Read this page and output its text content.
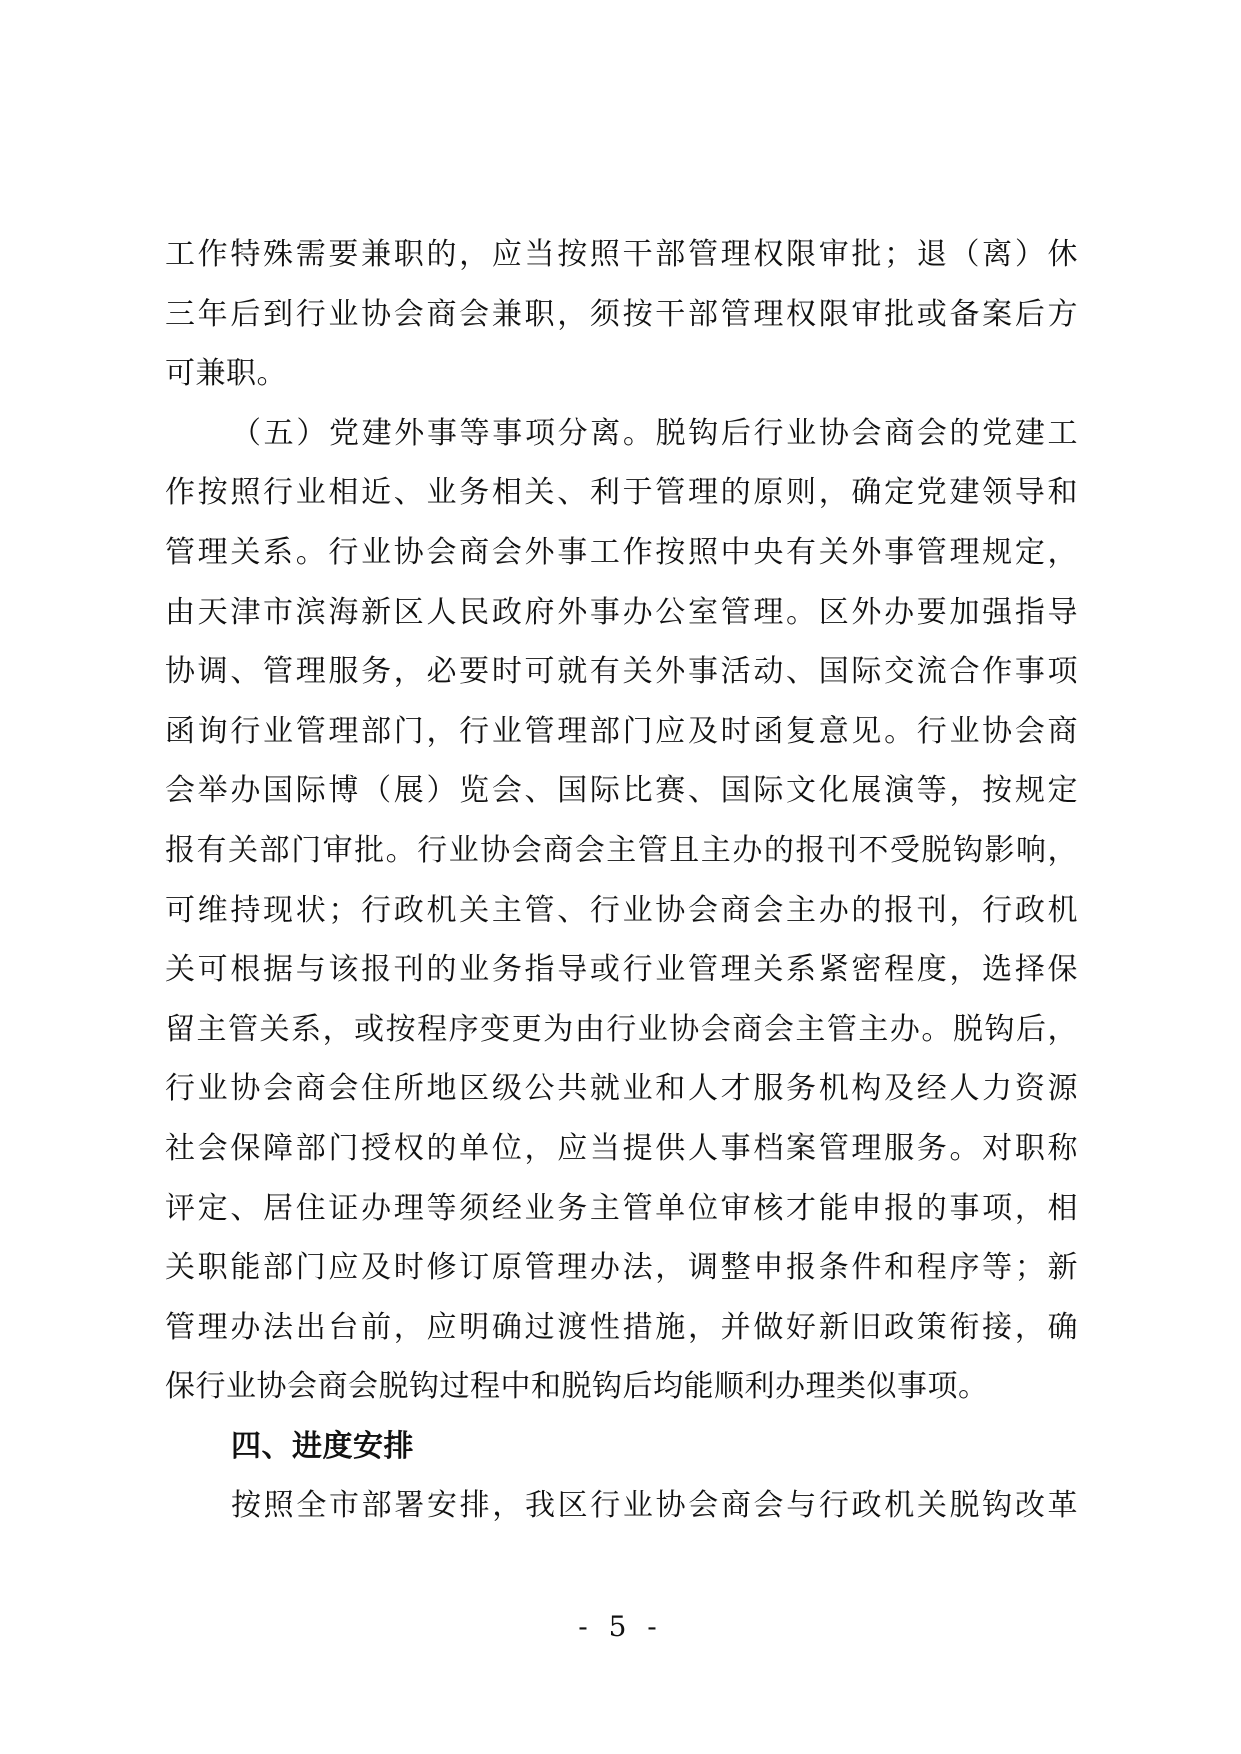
工作特殊需要兼职的，应当按照干部管理权限审批；退（离）休
三年后到行业协会商会兼职，须按干部管理权限审批或备案后方
可兼职。
（五）党建外事等事项分离。脱钩后行业协会商会的党建工
作按照行业相近、业务相关、利于管理的原则，确定党建领导和
管理关系。行业协会商会外事工作按照中央有关外事管理规定，
由天津市滨海新区人民政府外事办公室管理。区外办要加强指导
协调、管理服务，必要时可就有关外事活动、国际交流合作事项
函询行业管理部门，行业管理部门应及时函复意见。行业协会商
会举办国际博（展）览会、国际比赛、国际文化展演等，按规定
报有关部门审批。行业协会商会主管且主办的报刊不受脱钩影响，
可维持现状；行政机关主管、行业协会商会主办的报刊，行政机
关可根据与该报刊的业务指导或行业管理关系紧密程度，选择保
留主管关系，或按程序变更为由行业协会商会主管主办。脱钩后，
行业协会商会住所地区级公共就业和人才服务机构及经人力资源
社会保障部门授权的单位，应当提供人事档案管理服务。对职称
评定、居住证办理等须经业务主管单位审核才能申报的事项，相
关职能部门应及时修订原管理办法，调整申报条件和程序等；新
管理办法出台前，应明确过渡性措施，并做好新旧政策衔接，确
保行业协会商会脱钩过程中和脱钩后均能顺利办理类似事项。
四、进度安排
按照全市部署安排，我区行业协会商会与行政机关脱钩改革
- 5 -
